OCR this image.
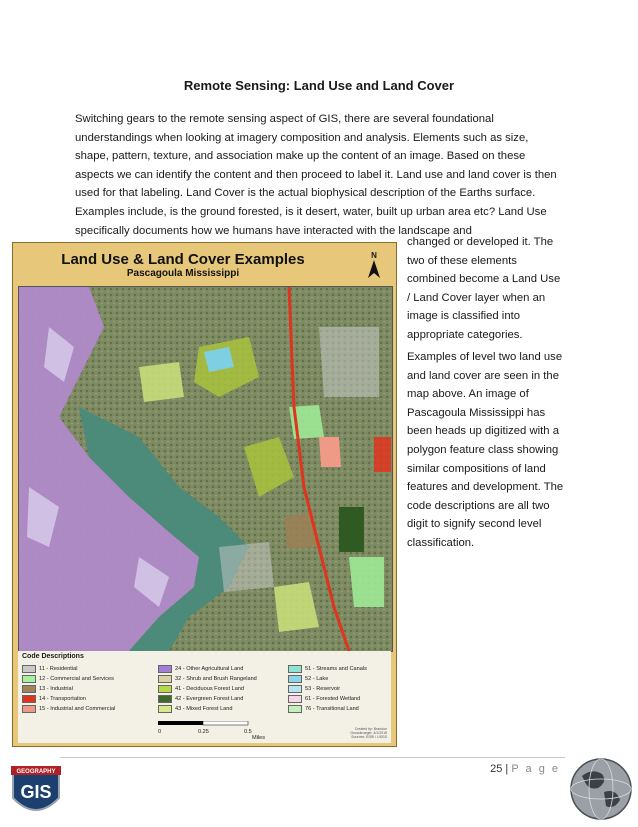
Remote Sensing: Land Use and Land Cover

Switching gears to the remote sensing aspect of GIS, there are several foundational understandings when looking at imagery composition and analysis. Elements such as size, shape, pattern, texture, and association make up the content of an image. Based on these aspects we can identify the content and then proceed to label it. Land use and land cover is then used for that labeling. Land Cover is the actual biophysical description of the Earths surface. Examples include, is the ground forested, is it desert, water, built up urban area etc? Land Use specifically documents how we humans have interacted with the landscape and

Land Use & Land Cover Examples
Pascagoula Mississippi
N
Code Descriptions
11 - Residential
12 - Commercial and Services
13 - Industrial
14 - Transportation
15 - Industrial and Commercial
24 - Other Agricultural Land
32 - Shrub and Brush Rangeland
41 - Deciduous Forest Land
42 - Evergreen Forest Land
43 - Mixed Forest Land
51 - Streams and Canals
52 - Lake
53 - Reservoir
61 - Forested Wetland
76 - Transitional Land
0	0.25	0.5
Miles
Created by: Brandon Grosskrueger, 4/1/2015 Sources: ESRI / USGS

changed or developed it. The two of these elements combined become a Land Use / Land Cover layer when an image is classified into appropriate categories.

Examples of level two land use and land cover are seen in the map above. An image of Pascagoula Mississippi has been heads up digitized with a polygon feature class showing similar compositions of land features and development. The code descriptions are all two digit to signify second level classification.

25 | P a g e
GEOGRAPHY
GIS
